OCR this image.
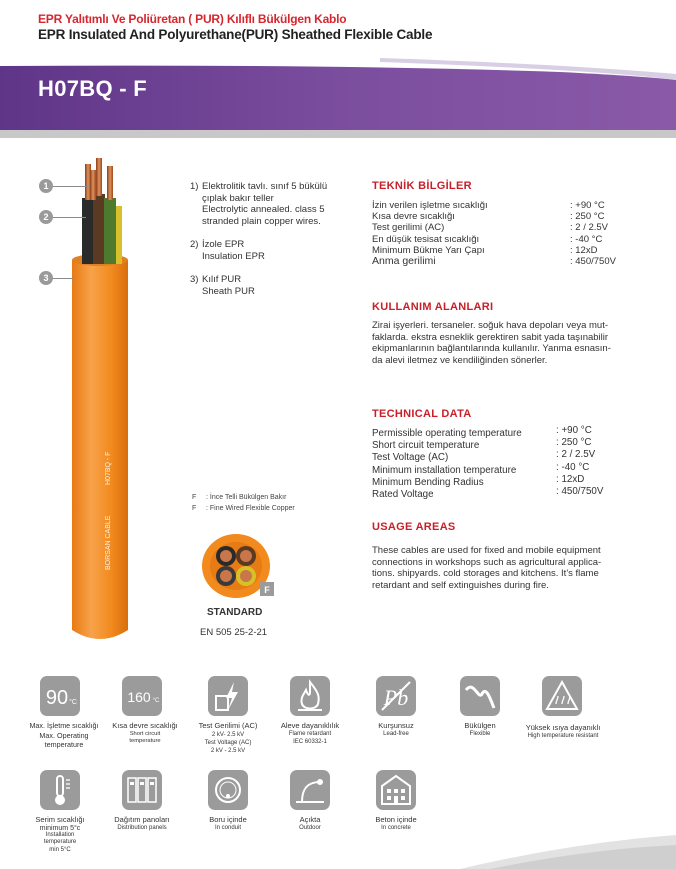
EPR Yalıtımlı Ve Poliüretan ( PUR) Kılıflı Bükülgen Kablo
EPR Insulated And Polyurethane(PUR) Sheathed Flexible Cable
H07BQ - F
BORSAN CABLE
H07BQ - F
1
2
3
1) Elektrolitik tavlı. sınıf 5 bükülü
çıplak bakır teller
Electrolytic annealed. class 5
stranded plain copper wires.
2) İzole EPR
Insulation EPR
3) Kılıf PUR
Sheath PUR
F : İnce Telli Bükülgen Bakır
F : Fine Wired Flexible Copper
F
STANDARD
EN 505 25-2-21
TEKNİK BİLGİLER
İzin verilen işletme sıcaklığı	: +90 °C
Kısa devre sıcaklığı	: 250 °C
Test gerilimi (AC)	: 2 / 2.5V
En düşük tesisat sıcaklığı	: -40 °C
Minimum Bükme Yarı Çapı	: 12xD
Anma gerilimi	: 450/750V
KULLANIM ALANLARI
Zirai işyerleri. tersaneler. soğuk hava depoları veya mut-
faklarda. ekstra esneklik gerektiren sabit yada taşınabilir
ekipmanlarının bağlantılarında kullanılır. Yanma esnasın-
da alevi iletmez ve kendiliğinden sönerler.
TECHNICAL DATA
Permissible operating temperature	: +90 °C
Short circuit temperature	: 250 °C
Test Voltage (AC)	: 2 / 2.5V
Minimum installation temperature	: -40 °C
Minimum Bending Radius	: 12xD
Rated Voltage	: 450/750V
USAGE AREAS
These cables are used for fixed and mobile equipment
connections in workshops such as agricultural applica-
tions. shipyards. cold storages and kitchens. It's flame
retardant and self extinguishes during fire.
90 °C
Max. İşletme sıcaklığı
Max. Operating
temperature
160 °C
Kısa devre sıcaklığı
Short circuit
temperature
Test Gerilimi (AC)
2 kV- 2.5 kV
Test Voltage (AC)
2 kV - 2.5 kV
Aleve dayanıklılık
Flame retardant
IEC 60332-1
Pb
Kurşunsuz
Lead-free
Bükülgen
Flexible
Yüksek ısıya dayanıklı
High temperature resistant
Serim sıcaklığı
minimum 5°c
Installation
temperature
min 5°C
Dağıtım panoları
Distribution panels
Boru içinde
In conduit
Açıkta
Outdoor
Beton içinde
In concrete
